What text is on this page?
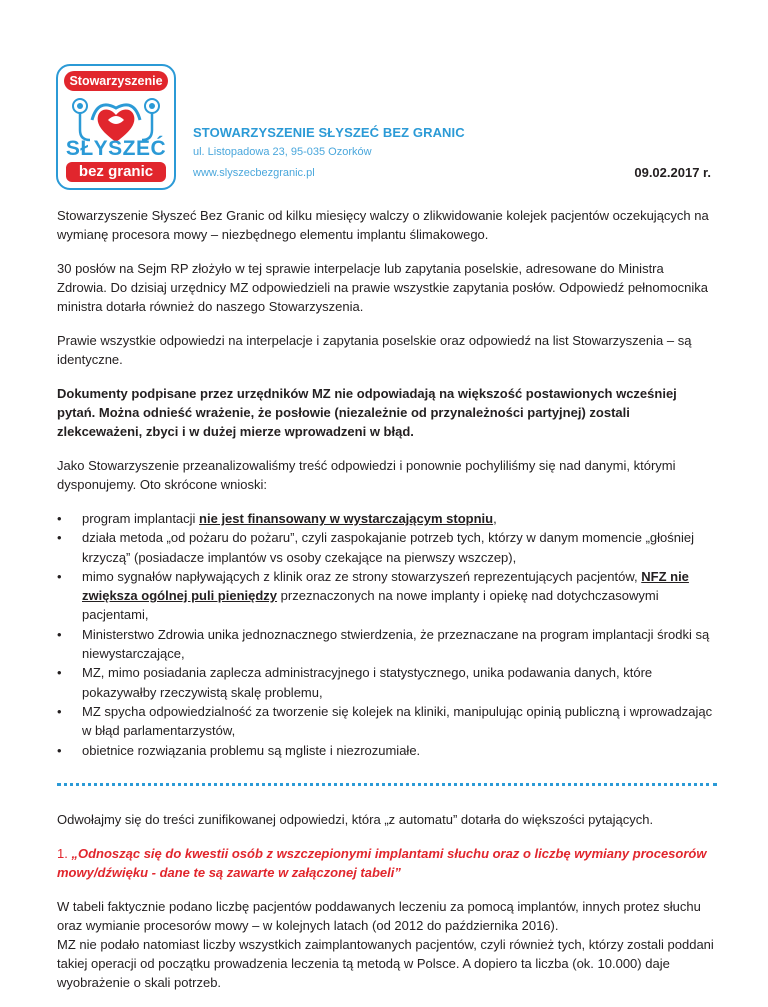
Stowarzyszenie
SŁYSZEĆ
bez granic
STOWARZYSZENIE SŁYSZEĆ BEZ GRANIC
ul. Listopadowa 23, 95-035 Ozorków
www.slyszecbezgranic.pl	09.02.2017 r.

Stowarzyszenie Słyszeć Bez Granic od kilku miesięcy walczy o zlikwidowanie kolejek pacjentów oczekujących na wymianę procesora mowy – niezbędnego elementu implantu ślimakowego.

30 posłów na Sejm RP złożyło w tej sprawie interpelacje lub zapytania poselskie, adresowane do Ministra Zdrowia. Do dzisiaj urzędnicy MZ odpowiedzieli na prawie wszystkie zapytania posłów. Odpowiedź pełnomocnika ministra dotarła również do naszego Stowarzyszenia.

Prawie wszystkie odpowiedzi na interpelacje i zapytania poselskie oraz odpowiedź na list Stowarzyszenia – są identyczne.

Dokumenty podpisane przez urzędników MZ nie odpowiadają na większość postawionych wcześniej pytań. Można odnieść wrażenie, że posłowie (niezależnie od przynależności partyjnej) zostali zlekceważeni, zbyci i w dużej mierze wprowadzeni w błąd.

Jako Stowarzyszenie przeanalizowaliśmy treść odpowiedzi i ponownie pochyliliśmy się nad danymi, którymi dysponujemy. Oto skrócone wnioski:

• program implantacji nie jest finansowany w wystarczającym stopniu,
• działa metoda „od pożaru do pożaru”, czyli zaspokajanie potrzeb tych, którzy w danym momencie „głośniej krzyczą” (posiadacze implantów vs osoby czekające na pierwszy wszczep),
• mimo sygnałów napływających z klinik oraz ze strony stowarzyszeń reprezentujących pacjentów, NFZ nie zwiększa ogólnej puli pieniędzy przeznaczonych na nowe implanty i opiekę nad dotychczasowymi pacjentami,
• Ministerstwo Zdrowia unika jednoznacznego stwierdzenia, że przeznaczane na program implantacji środki są niewystarczające,
• MZ, mimo posiadania zaplecza administracyjnego i statystycznego, unika podawania danych, które pokazywałby rzeczywistą skalę problemu,
• MZ spycha odpowiedzialność za tworzenie się kolejek na kliniki, manipulując opinią publiczną i wprowadzając w błąd parlamentarzystów,
• obietnice rozwiązania problemu są mgliste i niezrozumiałe.

Odwołajmy się do treści zunifikowanej odpowiedzi, która „z automatu” dotarła do większości pytających.

1. „Odnosząc się do kwestii osób z wszczepionymi implantami słuchu oraz o liczbę wymiany procesorów mowy/dźwięku - dane te są zawarte w załączonej tabeli”

W tabeli faktycznie podano liczbę pacjentów poddawanych leczeniu za pomocą implantów, innych protez słuchu oraz wymianie procesorów mowy – w kolejnych latach (od 2012 do października 2016).

MZ nie podało natomiast liczby wszystkich zaimplantowanych pacjentów, czyli również tych, którzy zostali poddani takiej operacji od początku prowadzenia leczenia tą metodą w Polsce. A dopiero ta liczba (ok. 10.000) daje wyobrażenie o skali potrzeb.
